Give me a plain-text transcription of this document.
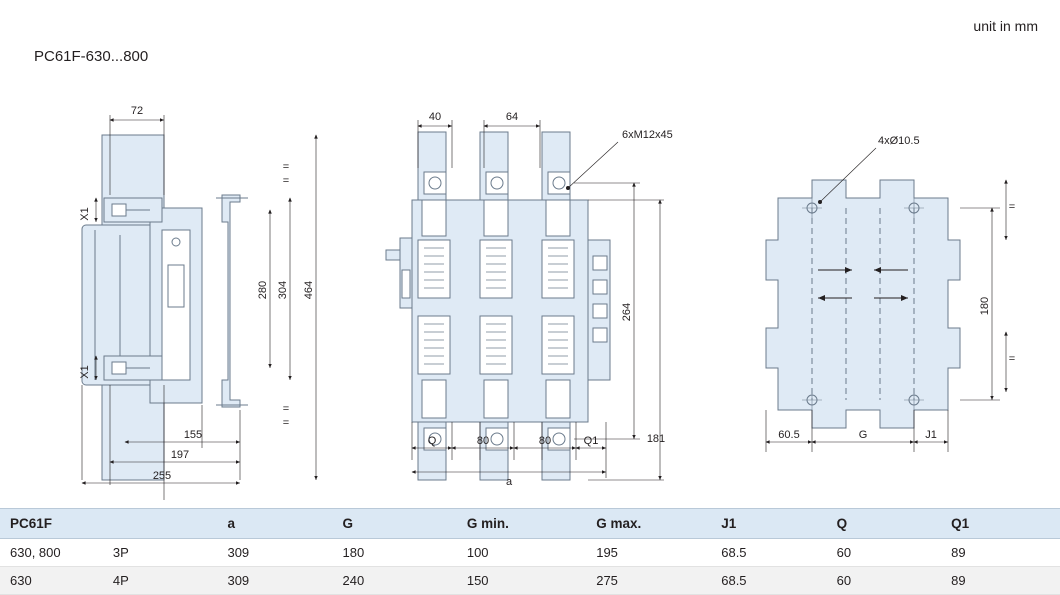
unit in mm
PC61F-630...800
72
X1
X1
280 304 464
=
=
=
=
155
197
255
6xM12x45
40	64
264
181
Q	80	80	Q1
a
4xØ10.5
180
=
=
60.5	G	J1
PC61F		a	G	G min.	G max.	J1	Q	Q1
630, 800	3P	309	180	100	195	68.5	60	89
630	4P	309	240	150	275	68.5	60	89
